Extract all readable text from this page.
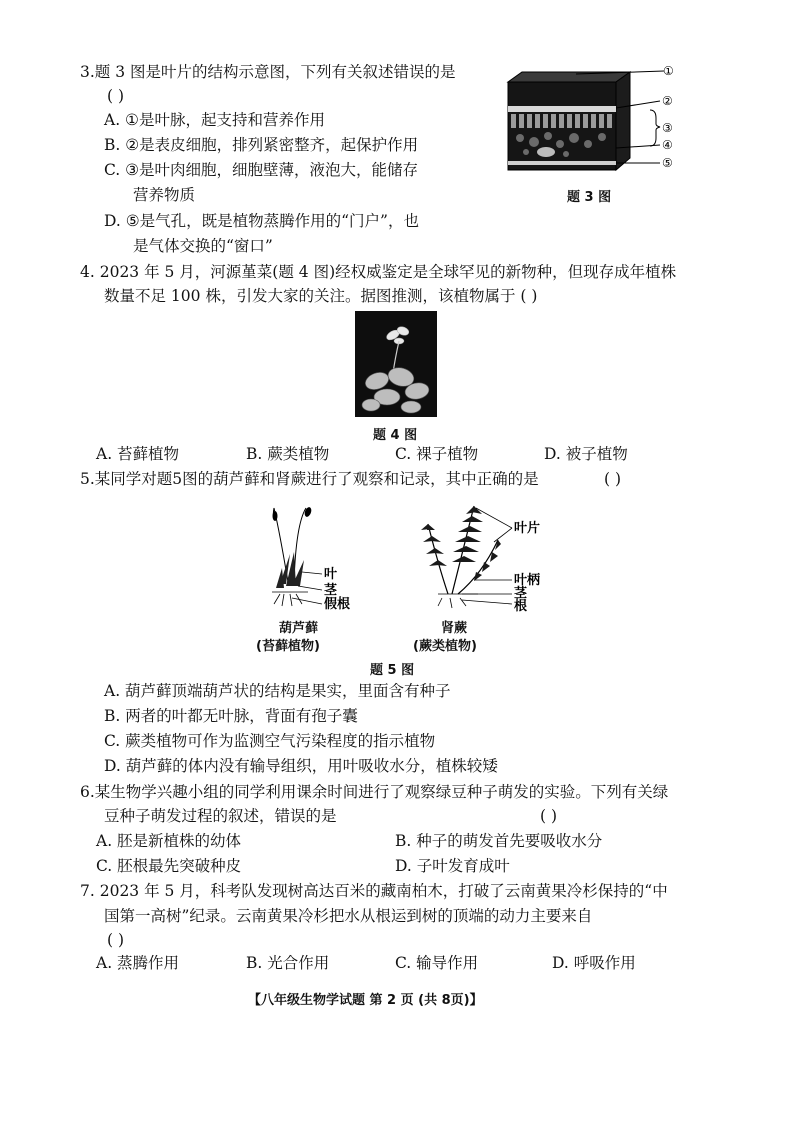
3.题 3 图是叶片的结构示意图，下列有关叙述错误的是
( )
A. ①是叶脉，起支持和营养作用
B. ②是表皮细胞，排列紧密整齐，起保护作用
C. ③是叶肉细胞，细胞壁薄，液泡大，能储存
营养物质
D. ⑤是气孔，既是植物蒸腾作用的“门户”，也
是气体交换的“窗口”
①
②
③
④
⑤
题 3 图
4. 2023 年 5 月，河源堇菜(题 4 图)经权威鉴定是全球罕见的新物种，但现存成年植株
数量不足 100 株，引发大家的关注。据图推测，该植物属于 ( )
题 4 图
A. 苔藓植物	B. 蕨类植物	C. 裸子植物	D. 被子植物
5.某同学对题5图的葫芦藓和肾蕨进行了观察和记录，其中正确的是	( )
叶
茎
假根
叶片
叶柄
茎
根
葫芦藓
(苔藓植物)
肾蕨
(蕨类植物)
题 5 图
A. 葫芦藓顶端葫芦状的结构是果实，里面含有种子
B. 两者的叶都无叶脉，背面有孢子囊
C. 蕨类植物可作为监测空气污染程度的指示植物
D. 葫芦藓的体内没有输导组织，用叶吸收水分，植株较矮
6.某生物学兴趣小组的同学利用课余时间进行了观察绿豆种子萌发的实验。下列有关绿
豆种子萌发过程的叙述，错误的是	( )
A. 胚是新植株的幼体	B. 种子的萌发首先要吸收水分
C. 胚根最先突破种皮	D. 子叶发育成叶
7. 2023 年 5 月，科考队发现树高达百米的藏南柏木，打破了云南黄果冷杉保持的“中
国第一高树”纪录。云南黄果冷杉把水从根运到树的顶端的动力主要来自
( )
A. 蒸腾作用	B. 光合作用	C. 输导作用	D. 呼吸作用
【八年级生物学试题 第 2 页 (共 8页)】
